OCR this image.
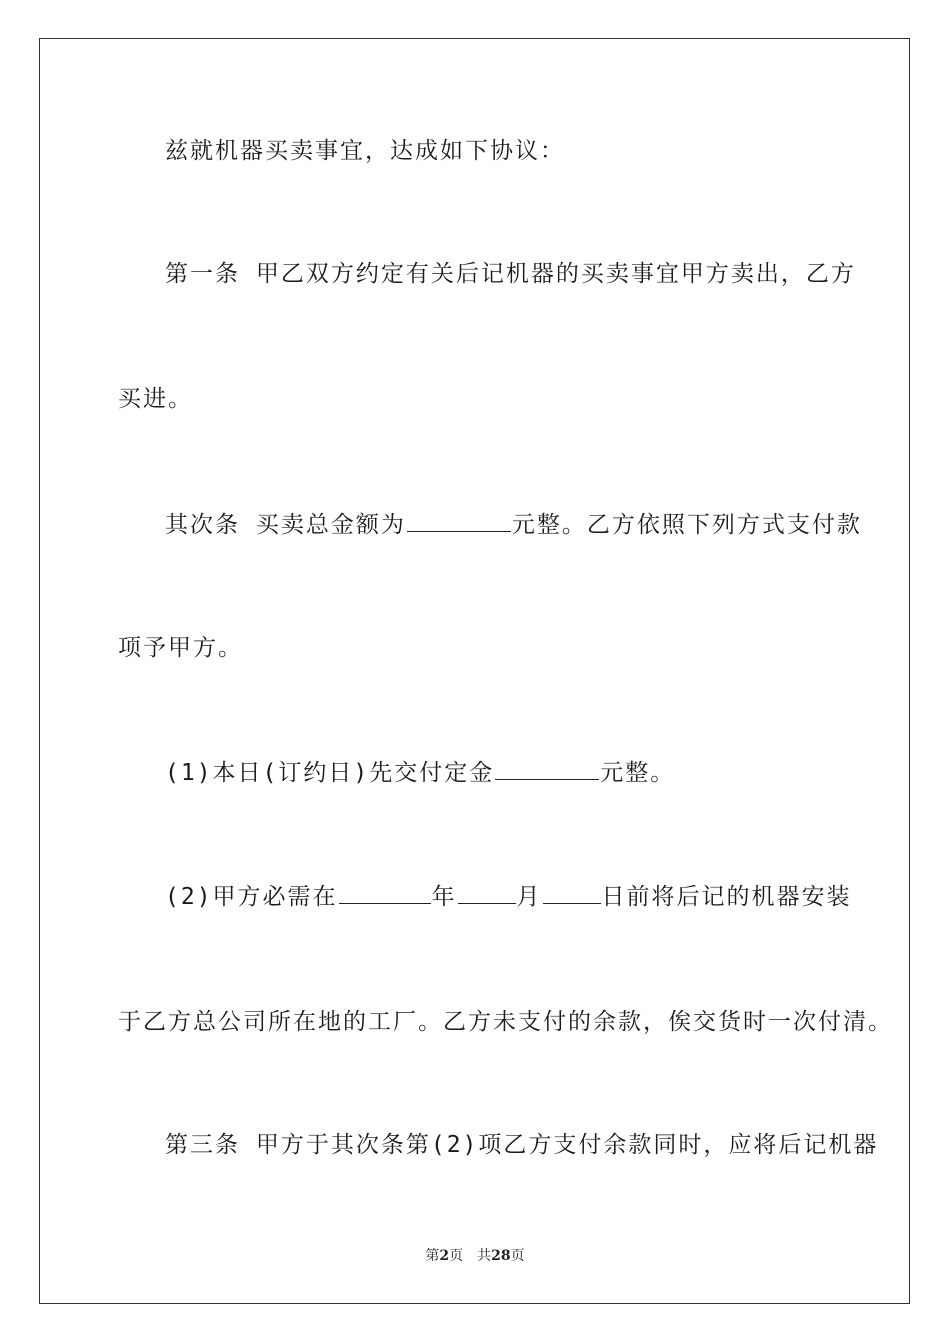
兹就机器买卖事宜，达成如下协议：
第一条 甲乙双方约定有关后记机器的买卖事宜甲方卖出，乙方
买进。
其次条 买卖总金额为	元整。乙方依照下列方式支付款
项予甲方。
(1)本日(订约日)先交付定金	元整。
(2)甲方必需在	年	月	日前将后记的机器安装
于乙方总公司所在地的工厂。乙方未支付的余款，俟交货时一次付清。
第三条 甲方于其次条第(2)项乙方支付余款同时，应将后记机器
第2页 共28页
